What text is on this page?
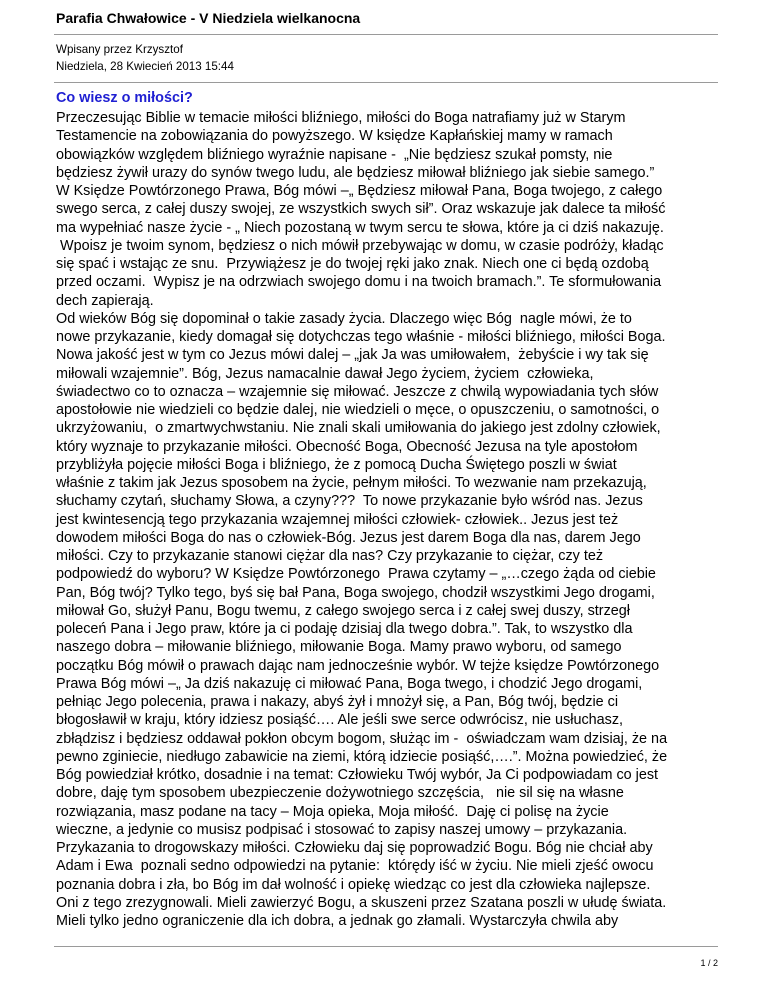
Parafia Chwałowice - V Niedziela wielkanocna
Wpisany przez Krzysztof
Niedziela, 28 Kwiecień 2013 15:44
Co wiesz o miłości?
Przeczesując Biblie w temacie miłości bliźniego, miłości do Boga natrafiamy już w Starym
Testamencie na zobowiązania do powyższego. W księdze Kapłańskiej mamy w ramach
obowiązków względem bliźniego wyraźnie napisane -  „Nie będziesz szukał pomsty, nie
będziesz żywił urazy do synów twego ludu, ale będziesz miłował bliźniego jak siebie samego.”
W Księdze Powtórzonego Prawa, Bóg mówi –„ Będziesz miłował Pana, Boga twojego, z całego
swego serca, z całej duszy swojej, ze wszystkich swych sił”. Oraz wskazuje jak dalece ta miłość
ma wypełniać nasze życie - „ Niech pozostaną w twym sercu te słowa, które ja ci dziś nakazuję.
Wpoisz je twoim synom, będziesz o nich mówił przebywając w domu, w czasie podróży, kładąc
się spać i wstając ze snu.  Przywiążesz je do twojej ręki jako znak. Niech one ci będą ozdobą
przed oczami.  Wypisz je na odrzwiach swojego domu i na twoich bramach.”. Te sformułowania
dech zapierają.
Od wieków Bóg się dopominał o takie zasady życia. Dlaczego więc Bóg  nagle mówi, że to
nowe przykazanie, kiedy domagał się dotychczas tego właśnie - miłości bliźniego, miłości Boga.
Nowa jakość jest w tym co Jezus mówi dalej – „jak Ja was umiłowałem,  żebyście i wy tak się
miłowali wzajemnie”. Bóg, Jezus namacalnie dawał Jego życiem, życiem  człowieka,
świadectwo co to oznacza – wzajemnie się miłować. Jeszcze z chwilą wypowiadania tych słów
apostołowie nie wiedzieli co będzie dalej, nie wiedzieli o męce, o opuszczeniu, o samotności, o
ukrzyżowaniu,  o zmartwychwstaniu. Nie znali skali umiłowania do jakiego jest zdolny człowiek,
który wyznaje to przykazanie miłości. Obecność Boga, Obecność Jezusa na tyle apostołom
przybliżyła pojęcie miłości Boga i bliźniego, że z pomocą Ducha Świętego poszli w świat
właśnie z takim jak Jezus sposobem na życie, pełnym miłości. To wezwanie nam przekazują,
słuchamy czytań, słuchamy Słowa, a czyny???  To nowe przykazanie było wśród nas. Jezus
jest kwintesencją tego przykazania wzajemnej miłości człowiek- człowiek.. Jezus jest też
dowodem miłości Boga do nas o człowiek-Bóg. Jezus jest darem Boga dla nas, darem Jego
miłości. Czy to przykazanie stanowi ciężar dla nas? Czy przykazanie to ciężar, czy też
podpowiedź do wyboru? W Księdze Powtórzonego  Prawa czytamy – „…czego żąda od ciebie
Pan, Bóg twój? Tylko tego, byś się bał Pana, Boga swojego, chodził wszystkimi Jego drogami,
miłował Go, służył Panu, Bogu twemu, z całego swojego serca i z całej swej duszy, strzegł
poleceń Pana i Jego praw, które ja ci podaję dzisiaj dla twego dobra.”. Tak, to wszystko dla
naszego dobra – miłowanie bliźniego, miłowanie Boga. Mamy prawo wyboru, od samego
początku Bóg mówił o prawach dając nam jednocześnie wybór. W tejże księdze Powtórzonego
Prawa Bóg mówi –„ Ja dziś nakazuję ci miłować Pana, Boga twego, i chodzić Jego drogami,
pełniąc Jego polecenia, prawa i nakazy, abyś żył i mnożył się, a Pan, Bóg twój, będzie ci
błogosławił w kraju, który idziesz posiąść…. Ale jeśli swe serce odwrócisz, nie usłuchasz,
zbłądzisz i będziesz oddawał pokłon obcym bogom, służąc im -  oświadczam wam dzisiaj, że na
pewno zginiecie, niedługo zabawicie na ziemi, którą idziecie posiąść,….”. Można powiedzieć, że
Bóg powiedział krótko, dosadnie i na temat: Człowieku Twój wybór, Ja Ci podpowiadam co jest
dobre, daję tym sposobem ubezpieczenie dożywotniego szczęścia,   nie sil się na własne
rozwiązania, masz podane na tacy – Moja opieka, Moja miłość.  Daję ci polisę na życie
wieczne, a jedynie co musisz podpisać i stosować to zapisy naszej umowy – przykazania.
Przykazania to drogowskazy miłości. Człowieku daj się poprowadzić Bogu. Bóg nie chciał aby
Adam i Ewa  poznali sedno odpowiedzi na pytanie:  którędy iść w życiu. Nie mieli zjeść owocu
poznania dobra i zła, bo Bóg im dał wolność i opiekę wiedząc co jest dla człowieka najlepsze.
Oni z tego zrezygnowali. Mieli zawierzyć Bogu, a skuszeni przez Szatana poszli w ułudę świata.
Mieli tylko jedno ograniczenie dla ich dobra, a jednak go złamali. Wystarczyła chwila aby
1 / 2
